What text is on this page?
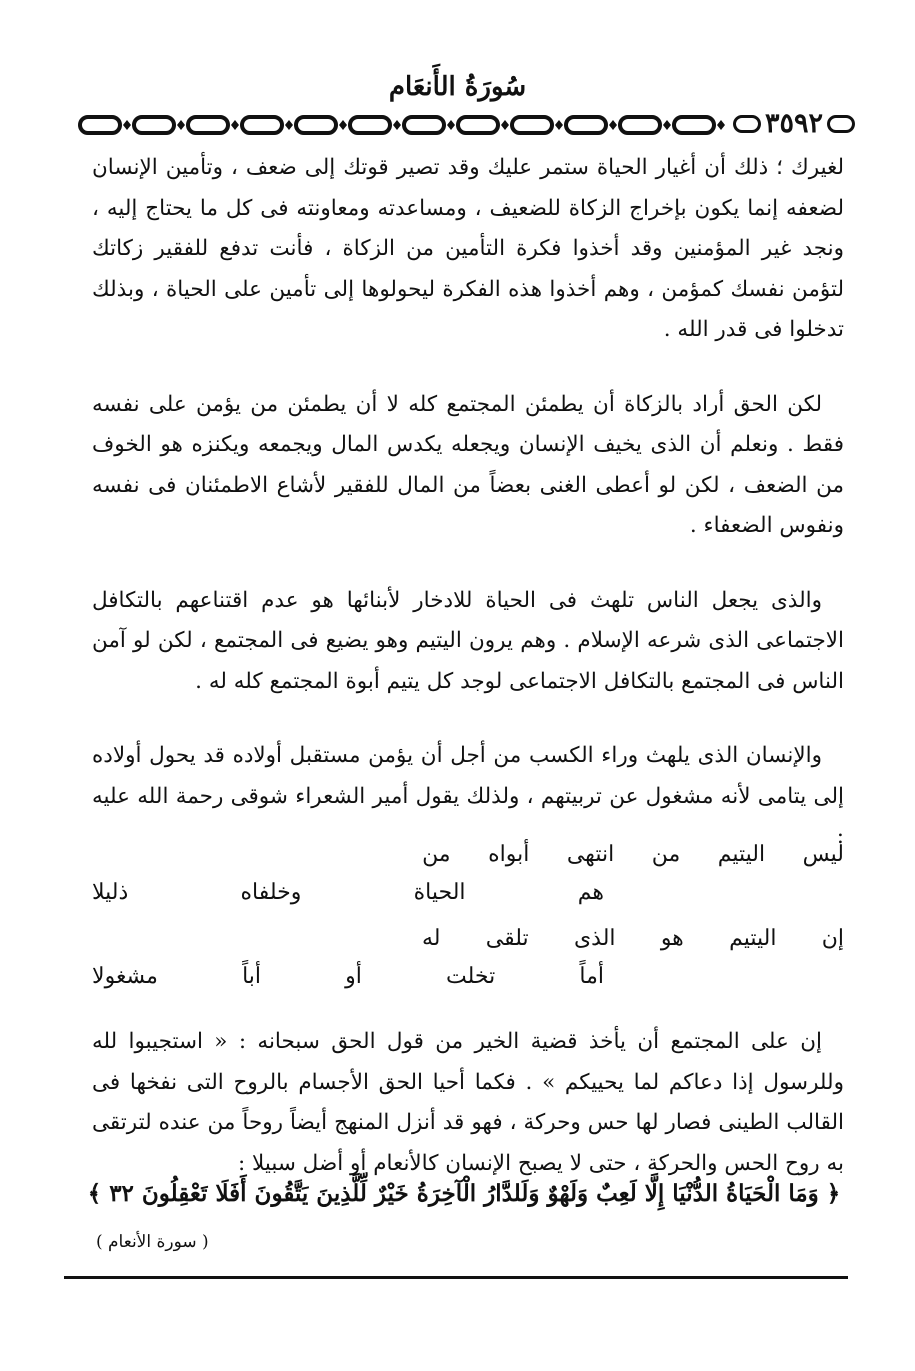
سُورَةُ الأَنعَام
٣٥٩٢

لغيرك ؛ ذلك أن أغيار الحياة ستمر عليك وقد تصير قوتك إلى ضعف ، وتأمين الإنسان لضعفه إنما يكون بإخراج الزكاة للضعيف ، ومساعدته ومعاونته فى كل ما يحتاج إليه ، ونجد غير المؤمنين وقد أخذوا فكرة التأمين من الزكاة ، فأنت تدفع للفقير زكاتك لتؤمن نفسك كمؤمن ، وهم أخذوا هذه الفكرة ليحولوها إلى تأمين على الحياة ، وبذلك تدخلوا فى قدر الله .

لكن الحق أراد بالزكاة أن يطمئن المجتمع كله لا أن يطمئن من يؤمن على نفسه فقط . ونعلم أن الذى يخيف الإنسان ويجعله يكدس المال ويجمعه ويكنزه هو الخوف من الضعف ، لكن لو أعطى الغنى بعضاً من المال للفقير لأشاع الاطمئنان فى نفسه ونفوس الضعفاء .

والذى يجعل الناس تلهث فى الحياة للادخار لأبنائها هو عدم اقتناعهم بالتكافل الاجتماعى الذى شرعه الإسلام . وهم يرون اليتيم وهو يضيع فى المجتمع ، لكن لو آمن الناس فى المجتمع بالتكافل الاجتماعى لوجد كل يتيم أبوة المجتمع كله له .

والإنسان الذى يلهث وراء الكسب من أجل أن يؤمن مستقبل أولاده قد يحول أولاده إلى يتامى لأنه مشغول عن تربيتهم ، ولذلك يقول أمير الشعراء شوقى رحمة الله عليه :

ليس
اليتيم
من
انتهى
أبواه
من
هم
الحياة
وخلفاه
ذليلا
إن
اليتيم
هو
الذى
تلقى
له
أماً
تخلت
أو
أباً
مشغولا

إن على المجتمع أن يأخذ قضية الخير من قول الحق سبحانه : « استجيبوا لله وللرسول إذا دعاكم لما يحييكم » . فكما أحيا الحق الأجسام بالروح التى نفخها فى القالب الطينى فصار لها حس وحركة ، فهو قد أنزل المنهج أيضاً روحاً من عنده لترتقى به روح الحس والحركة ، حتى لا يصبح الإنسان كالأنعام أو أضل سبيلا :

﴿ وَمَا الْحَيَاةُ الدُّنْيَا إِلَّا لَعِبٌ وَلَهْوٌ وَلَلدَّارُ الْآخِرَةُ خَيْرٌ لِّلَّذِينَ يَتَّقُونَ أَفَلَا تَعْقِلُونَ ٣٢ ﴾
( سورة الأنعام )
